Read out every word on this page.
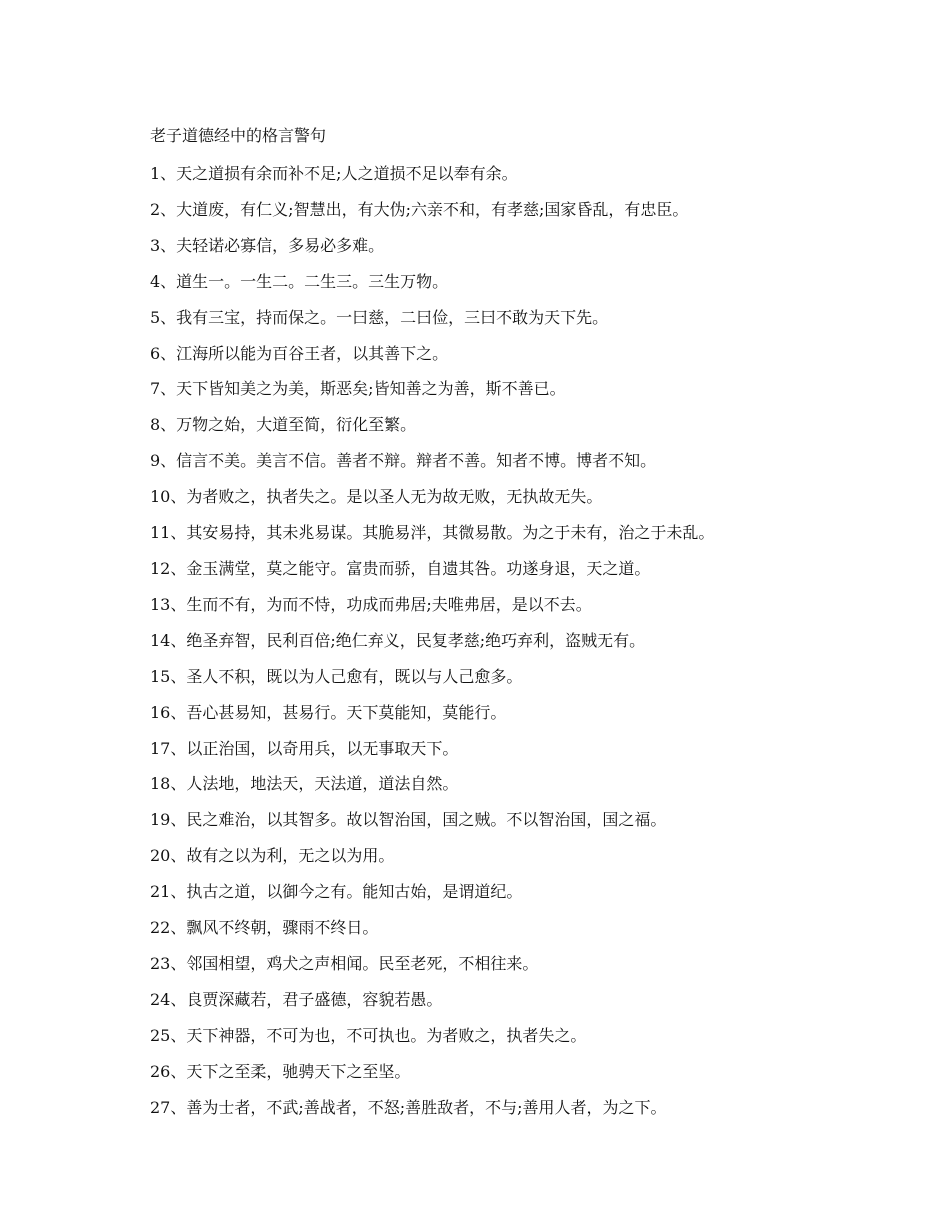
老子道德经中的格言警句
1、天之道损有余而补不足;人之道损不足以奉有余。
2、大道废，有仁义;智慧出，有大伪;六亲不和，有孝慈;国家昏乱，有忠臣。
3、夫轻诺必寡信，多易必多难。
4、道生一。一生二。二生三。三生万物。
5、我有三宝，持而保之。一曰慈，二曰俭，三曰不敢为天下先。
6、江海所以能为百谷王者，以其善下之。
7、天下皆知美之为美，斯恶矣;皆知善之为善，斯不善已。
8、万物之始，大道至简，衍化至繁。
9、信言不美。美言不信。善者不辩。辩者不善。知者不博。博者不知。
10、为者败之，执者失之。是以圣人无为故无败，无执故无失。
11、其安易持，其未兆易谋。其脆易泮，其微易散。为之于未有，治之于未乱。
12、金玉满堂，莫之能守。富贵而骄，自遗其咎。功遂身退，天之道。
13、生而不有，为而不恃，功成而弗居;夫唯弗居，是以不去。
14、绝圣弃智，民利百倍;绝仁弃义，民复孝慈;绝巧弃利，盗贼无有。
15、圣人不积，既以为人己愈有，既以与人己愈多。
16、吾心甚易知，甚易行。天下莫能知，莫能行。
17、以正治国，以奇用兵，以无事取天下。
18、人法地，地法天，天法道，道法自然。
19、民之难治，以其智多。故以智治国，国之贼。不以智治国，国之福。
20、故有之以为利，无之以为用。
21、执古之道，以御今之有。能知古始，是谓道纪。
22、飘风不终朝，骤雨不终日。
23、邻国相望，鸡犬之声相闻。民至老死，不相往来。
24、良贾深藏若，君子盛德，容貌若愚。
25、天下神器，不可为也，不可执也。为者败之，执者失之。
26、天下之至柔，驰骋天下之至坚。
27、善为士者，不武;善战者，不怒;善胜敌者，不与;善用人者，为之下。
